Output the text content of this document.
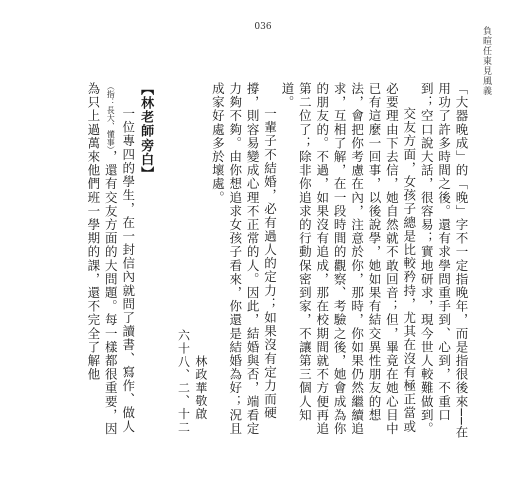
036	負暄任東見風義

「大器晚成」的「晚」字不一定指晚年，而是指很後來──在用功了許多時間之後。還有求學問重手到、心到，不重口到；空口說大話，很容易；實地研求，現今世人較難做到。

交友方面，女孩子總是比較矜持，尤其在沒有極正當或必要理由下去信，她自然就不敢回音；但，畢竟在她心目中已有這麼一回事，以後說學，她如果有結交異性朋友的想法，會把你考慮在內，注意於你，那時，你如果仍然繼續追求，互相了解，在一段時間的觀察、考驗之後，她會成為你的朋友的。不過，如果沒有追成，那在校期間就不方便再追第二位了；除非你追求的行動保密到家，不讓第三個人知道。

一輩子不結婚，必有過人的定力；如果沒有定力而硬撐，則容易變成心理不正常的人。因此，結婚與否，端看定力夠不夠。由你想追求女孩子看來，你還是結婚為好；況且成家好處多於壞處。

林政華敬啟

六十八、二、十二

【林老師旁白】

一位專四的學生，在一封信內就問了讀書、寫作、做人（指：長大、懂事），還有交友方面的大問題。每一樣都很重要，因為只上過萬來他們班一學期的課，還不完全了解他
